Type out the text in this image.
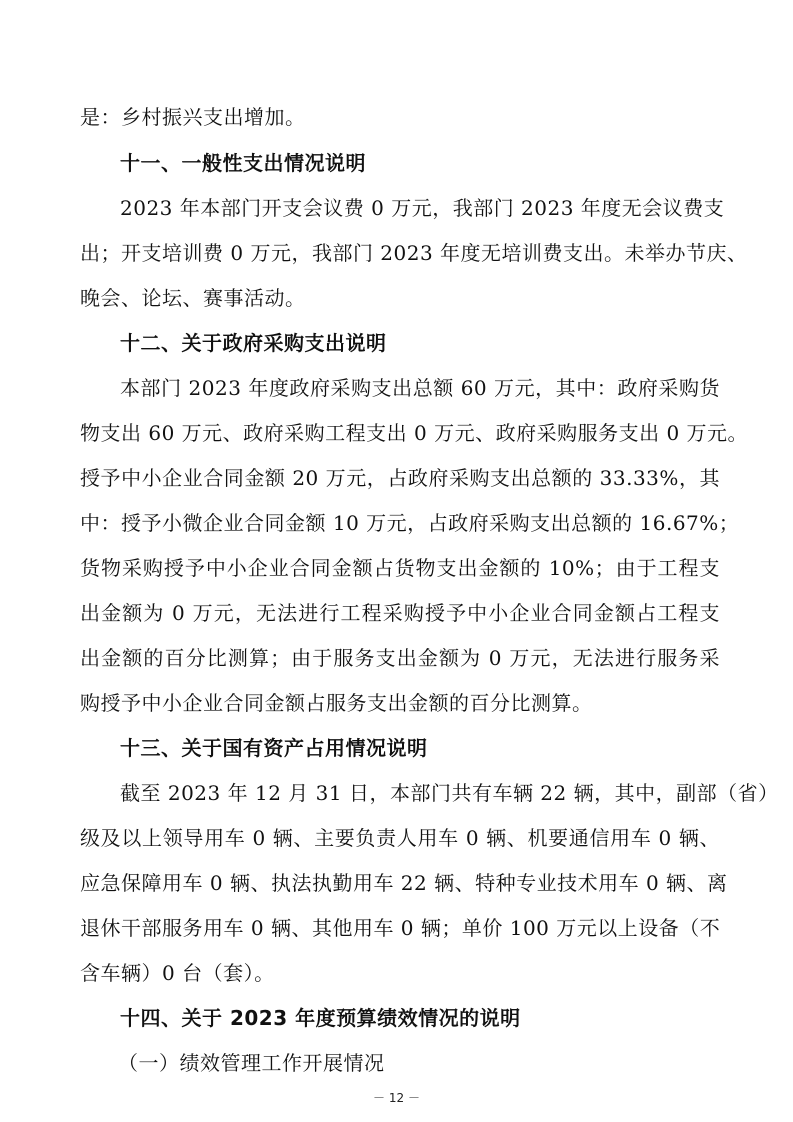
是：乡村振兴支出增加。
十一、一般性支出情况说明
2023 年本部门开支会议费 0 万元，我部门 2023 年度无会议费支
出；开支培训费 0 万元，我部门 2023 年度无培训费支出。未举办节庆、
晚会、论坛、赛事活动。
十二、关于政府采购支出说明
本部门 2023 年度政府采购支出总额 60 万元，其中：政府采购货
物支出 60 万元、政府采购工程支出 0 万元、政府采购服务支出 0 万元。
授予中小企业合同金额 20 万元，占政府采购支出总额的 33.33%，其
中：授予小微企业合同金额 10 万元，占政府采购支出总额的 16.67%；
货物采购授予中小企业合同金额占货物支出金额的 10%；由于工程支
出金额为 0 万元，无法进行工程采购授予中小企业合同金额占工程支
出金额的百分比测算；由于服务支出金额为 0 万元，无法进行服务采
购授予中小企业合同金额占服务支出金额的百分比测算。
十三、关于国有资产占用情况说明
截至 2023 年 12 月 31 日，本部门共有车辆 22 辆，其中，副部（省）
级及以上领导用车 0 辆、主要负责人用车 0 辆、机要通信用车 0 辆、
应急保障用车 0 辆、执法执勤用车 22 辆、特种专业技术用车 0 辆、离
退休干部服务用车 0 辆、其他用车 0 辆；单价 100 万元以上设备（不
含车辆）0 台（套）。
十四、关于 2023 年度预算绩效情况的说明
（一）绩效管理工作开展情况
－ 12 －
